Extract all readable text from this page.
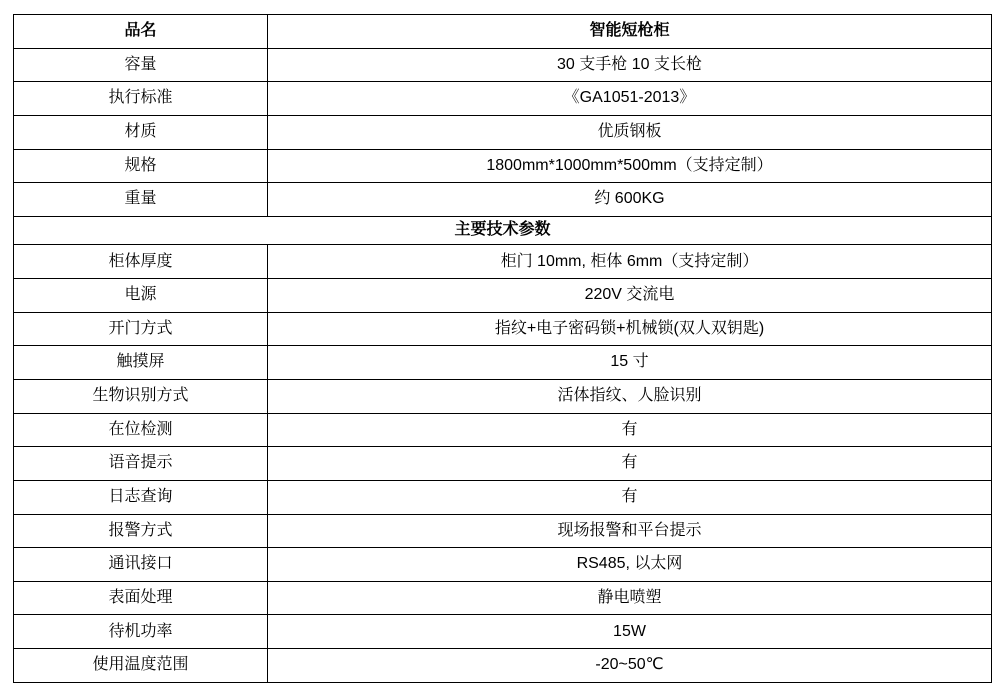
品名	智能短枪柜
容量	30 支手枪 10 支长枪
执行标准	《GA1051-2013》
材质	优质钢板
规格	1800mm*1000mm*500mm（支持定制）
重量	约 600KG
主要技术参数	
柜体厚度	柜门 10mm, 柜体 6mm（支持定制）
电源	220V 交流电
开门方式	指纹+电子密码锁+机械锁(双人双钥匙)
触摸屏	15 寸
生物识别方式	活体指纹、人脸识别
在位检测	有
语音提示	有
日志查询	有
报警方式	现场报警和平台提示
通讯接口	RS485, 以太网
表面处理	静电喷塑
待机功率	15W
使用温度范围	-20~50℃
